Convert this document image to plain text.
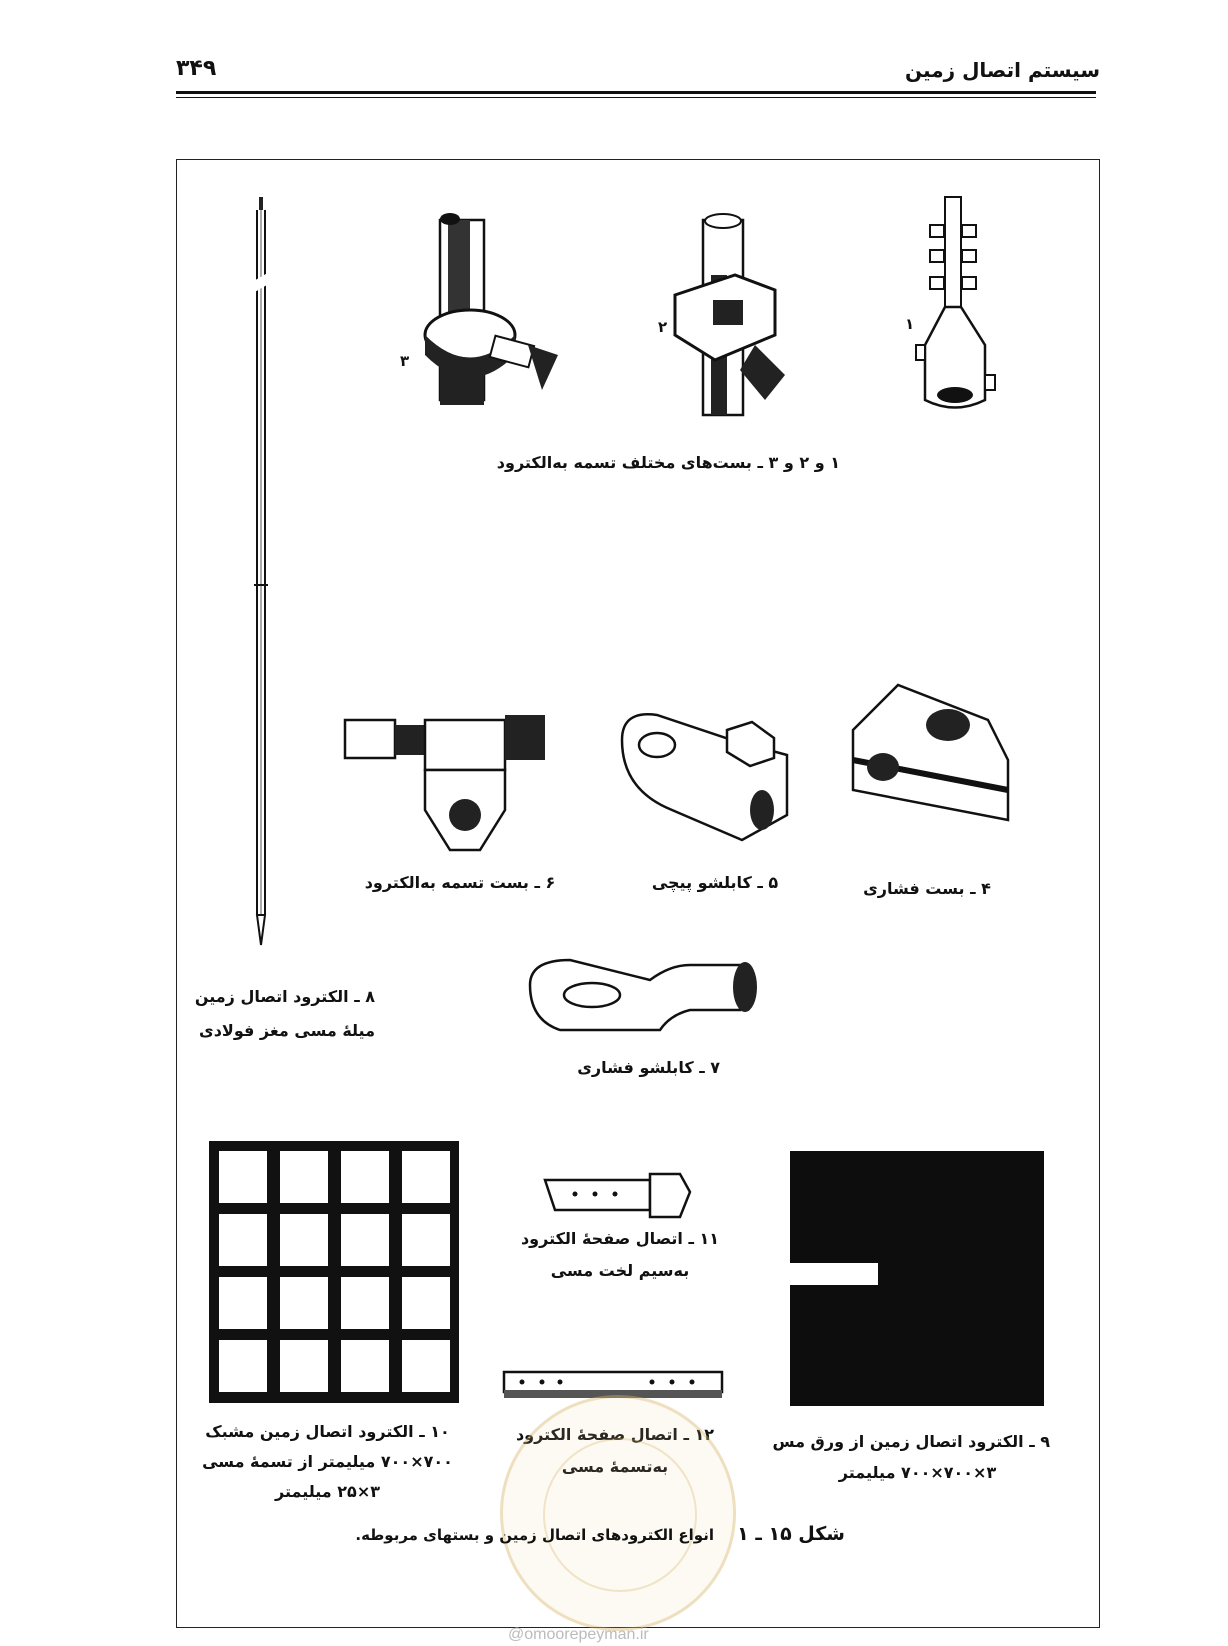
سیستم اتصال زمین
۳۴۹
۸ ـ الکترود اتصال زمین
میلهٔ مسی مغز فولادی
۳
۲	۱
۱ و ۲ و ۳ ـ بست‌های مختلف تسمه به‌الکترود
۶ ـ بست تسمه به‌الکترود	۵ ـ کابلشو پیچی	۴ ـ بست فشاری
۷ ـ کابلشو فشاری
۱۰ ـ الکترود اتصال زمین مشبک
۷۰۰×۷۰۰ میلیمتر از تسمهٔ مسی
۳×۲۵ میلیمتر
۱۱ ـ اتصال صفحهٔ الکترود
به‌سیم لخت مسی
۱۲ ـ اتصال صفحهٔ الکترود
به‌تسمهٔ مسی
۹ ـ الکترود اتصال زمین از ورق مس
۳×۷۰۰×۷۰۰ میلیمتر
@omoorepeyman.ir
شکل ۱۵ ـ ۱  انواع الکترودهای اتصال زمین و بستهای مربوطه.
